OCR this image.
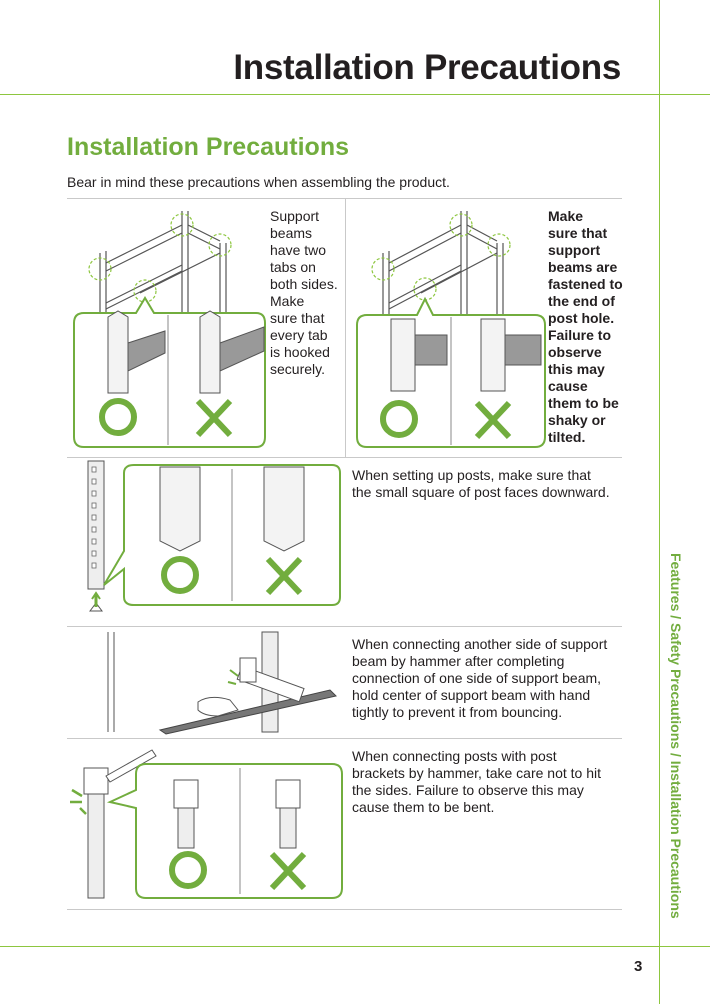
Installation Precautions
Installation Precautions
Bear in mind these precautions when assembling the product.
Support
beams
have two
tabs on
both sides.
Make
sure that
every tab
is hooked
securely.
Make
sure that
support
beams are
fastened to
the end of
post hole.
Failure to
observe
this may
cause
them to be
shaky or
tilted.
When setting up posts, make sure that
the small square of post faces downward.
When connecting another side of support
beam by hammer after completing
connection of one side of support beam,
hold center of support beam with hand
tightly to prevent it from bouncing.
When connecting posts with post
brackets by hammer, take care not to hit
the sides. Failure to observe this may
cause them to be bent.	Features / Safety Precautions / Installation Precautions
3
